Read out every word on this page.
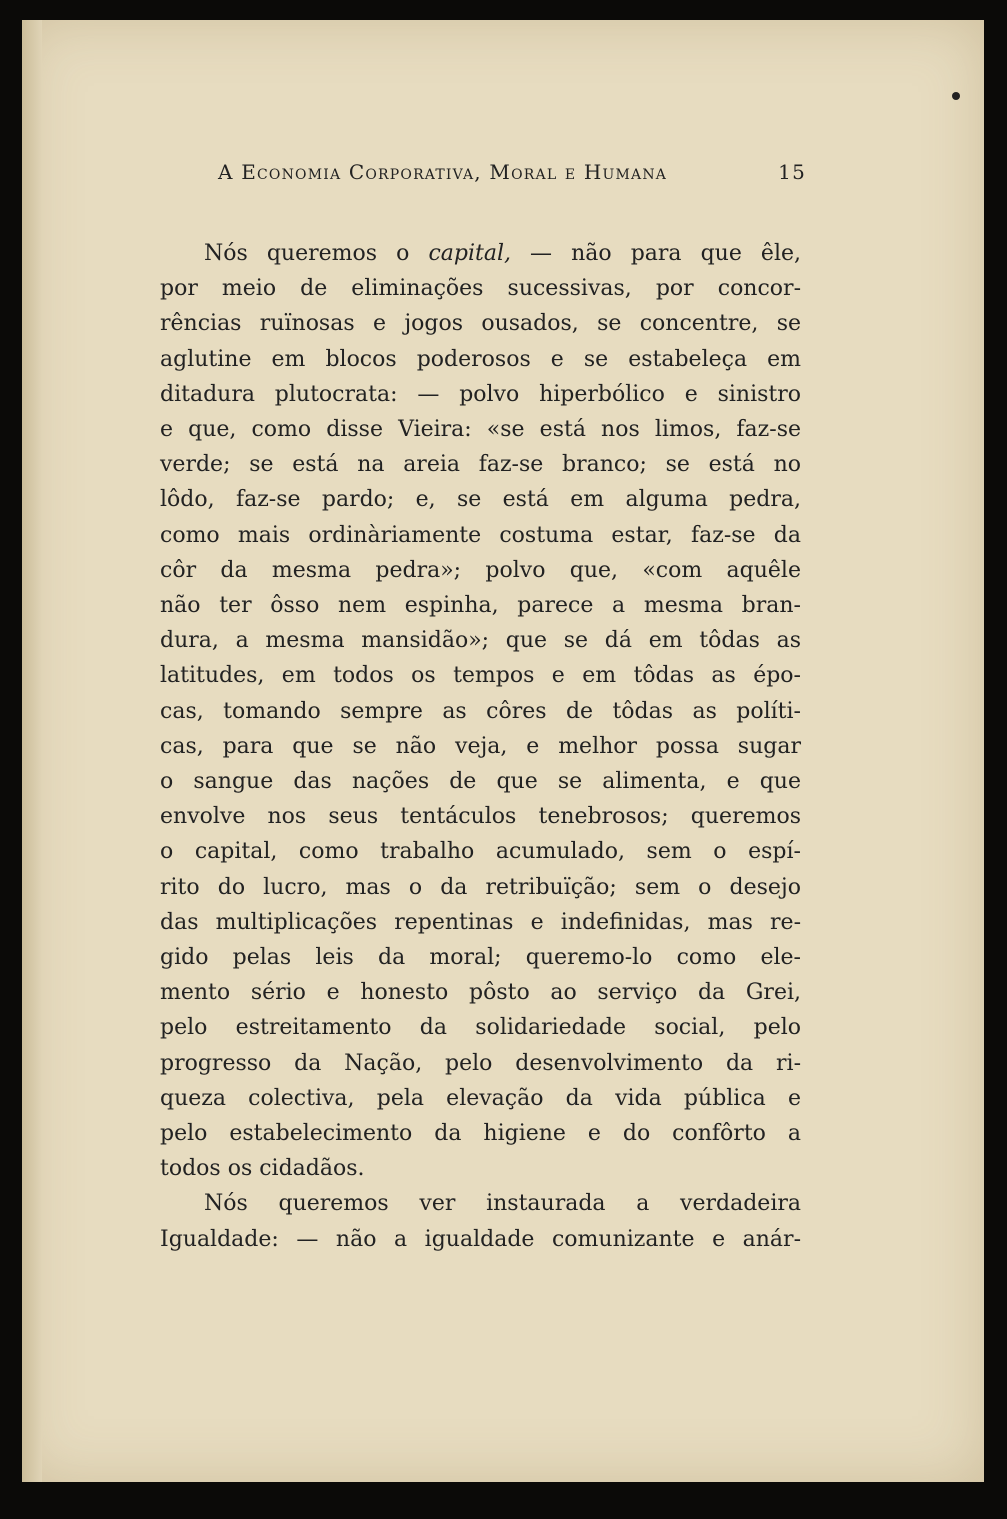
A Economia Corporativa, Moral e Humana	15
Nós queremos o capital, — não para que êle,
por meio de eliminações sucessivas, por concor-
rências ruïnosas e jogos ousados, se concentre, se
aglutine em blocos poderosos e se estabeleça em
ditadura plutocrata: — polvo hiperbólico e sinistro
e que, como disse Vieira: «se está nos limos, faz-se
verde; se está na areia faz-se branco; se está no
lôdo, faz-se pardo; e, se está em alguma pedra,
como mais ordinàriamente costuma estar, faz-se da
côr da mesma pedra»; polvo que, «com aquêle
não ter ôsso nem espinha, parece a mesma bran-
dura, a mesma mansidão»; que se dá em tôdas as
latitudes, em todos os tempos e em tôdas as épo-
cas, tomando sempre as côres de tôdas as políti-
cas, para que se não veja, e melhor possa sugar
o sangue das nações de que se alimenta, e que
envolve nos seus tentáculos tenebrosos; queremos
o capital, como trabalho acumulado, sem o espí-
rito do lucro, mas o da retribuïção; sem o desejo
das multiplicações repentinas e indefinidas, mas re-
gido pelas leis da moral; queremo-lo como ele-
mento sério e honesto pôsto ao serviço da Grei,
pelo estreitamento da solidariedade social, pelo
progresso da Nação, pelo desenvolvimento da ri-
queza colectiva, pela elevação da vida pública e
pelo estabelecimento da higiene e do confôrto a
todos os cidadãos.
Nós queremos ver instaurada a verdadeira
Igualdade: — não a igualdade comunizante e anár-
